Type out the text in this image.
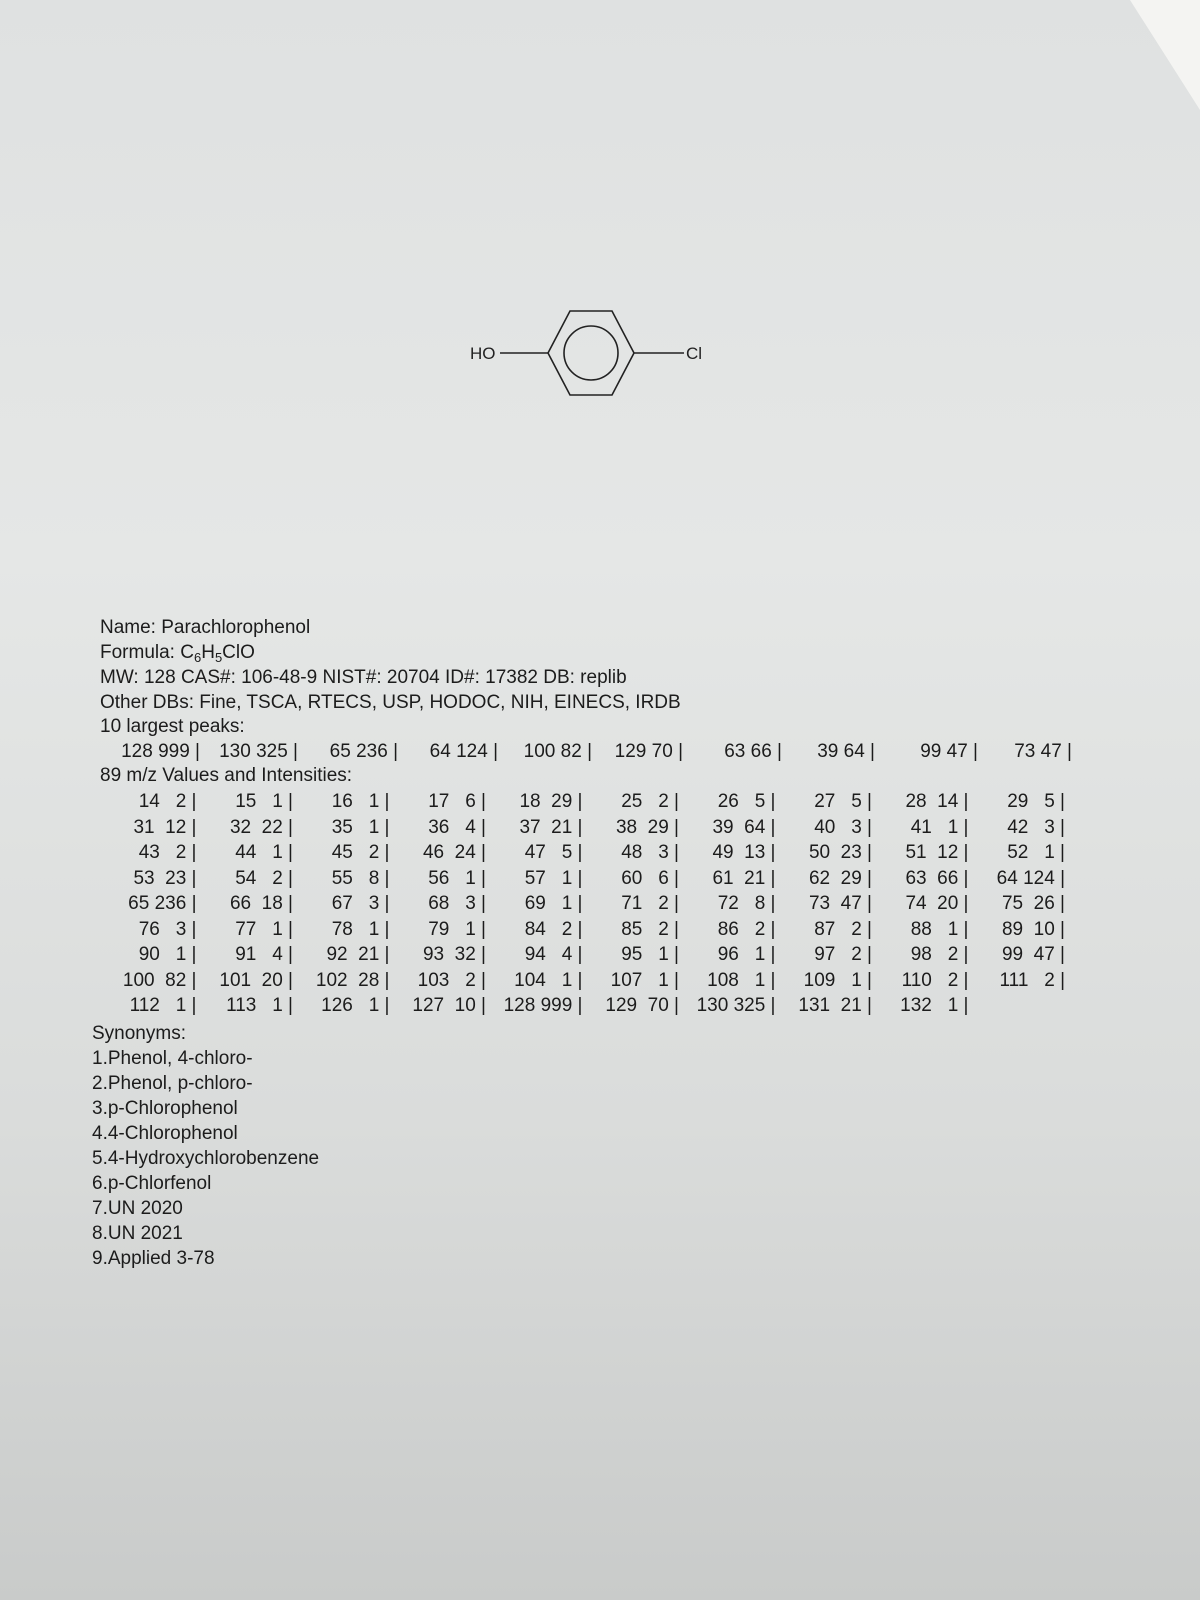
HO	Cl
Name: Parachlorophenol
Formula: $C_6H_5ClO$
MW: 128 CAS#: 106-48-9 NIST#: 20704 ID#: 17382 DB: replib
Other DBs: Fine, TSCA, RTECS, USP, HODOC, NIH, EINECS, IRDB
10 largest peaks:
128 999 |	130 325 |	65 236 |	64 124 |	100 82 |	129 70 |	63 66 |	39 64 |	99 47 |	73 47 |
89 m/z Values and Intensities:
14   2 |	15   1 |	16   1 |	17   6 |	18  29 |	25   2 |	26   5 |	27   5 |	28  14 |	29   5 |
31  12 |	32  22 |	35   1 |	36   4 |	37  21 |	38  29 |	39  64 |	40   3 |	41   1 |	42   3 |
43   2 |	44   1 |	45   2 |	46  24 |	47   5 |	48   3 |	49  13 |	50  23 |	51  12 |	52   1 |
53  23 |	54   2 |	55   8 |	56   1 |	57   1 |	60   6 |	61  21 |	62  29 |	63  66 |	64 124 |
65 236 |	66  18 |	67   3 |	68   3 |	69   1 |	71   2 |	72   8 |	73  47 |	74  20 |	75  26 |
76   3 |	77   1 |	78   1 |	79   1 |	84   2 |	85   2 |	86   2 |	87   2 |	88   1 |	89  10 |
90   1 |	91   4 |	92  21 |	93  32 |	94   4 |	95   1 |	96   1 |	97   2 |	98   2 |	99  47 |
100  82 |	101  20 |	102  28 |	103   2 |	104   1 |	107   1 |	108   1 |	109   1 |	110   2 |	111   2 |
112   1 |	113   1 |	126   1 |	127  10 | 128 999 |	129  70 | 130 325 |	131  21 |	132   1 |
Synonyms:
1.Phenol, 4-chloro-
2.Phenol, p-chloro-
3.p-Chlorophenol
4.4-Chlorophenol
5.4-Hydroxychlorobenzene
6.p-Chlorfenol
7.UN 2020
8.UN 2021
9.Applied 3-78
